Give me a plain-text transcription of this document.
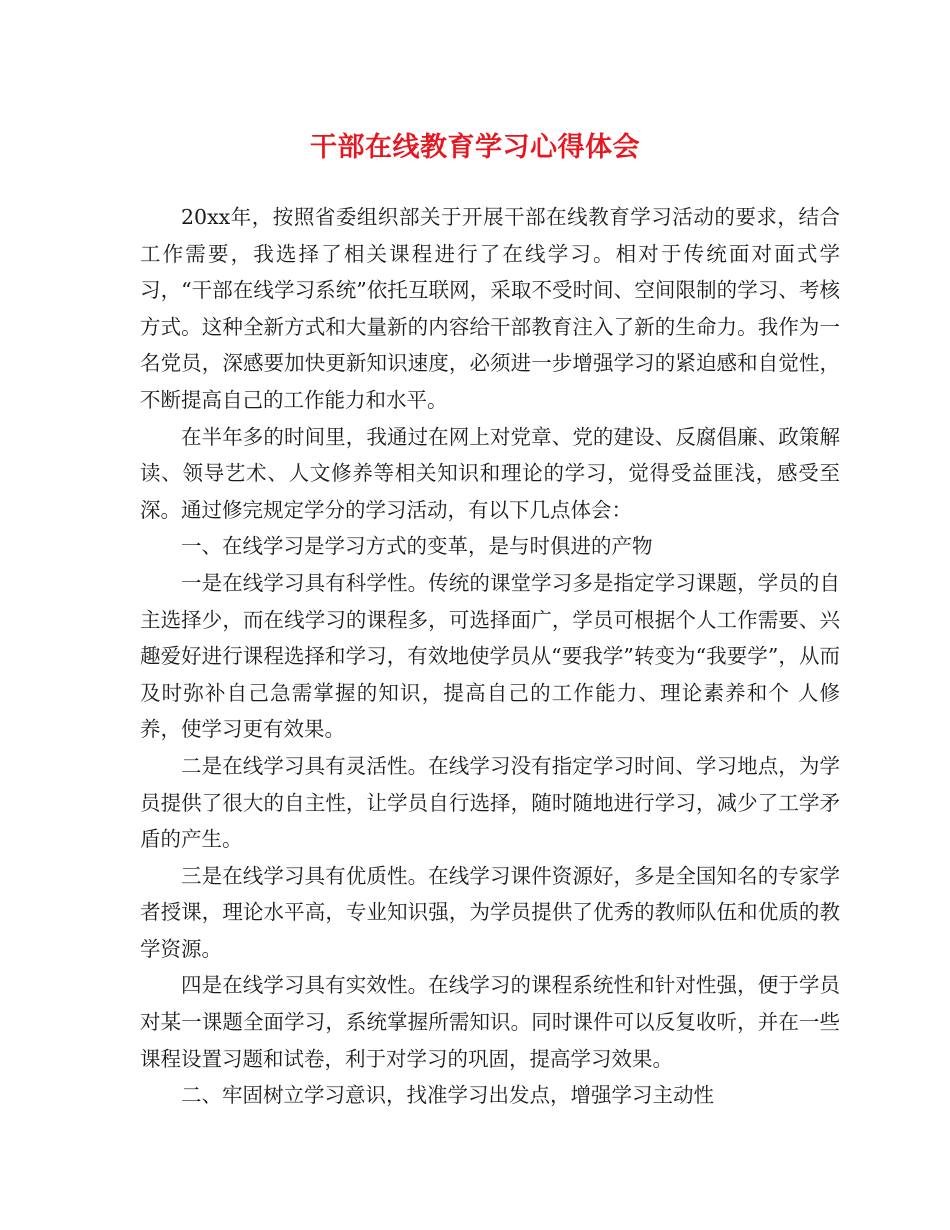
干部在线教育学习心得体会

20xx年，按照省委组织部关于开展干部在线教育学习活动的要求，结合工作需要，我选择了相关课程进行了在线学习。相对于传统面对面式学习，“干部在线学习系统”依托互联网，采取不受时间、空间限制的学习、考核方式。这种全新方式和大量新的内容给干部教育注入了新的生命力。我作为一名党员，深感要加快更新知识速度，必须进一步增强学习的紧迫感和自觉性，不断提高自己的工作能力和水平。

在半年多的时间里，我通过在网上对党章、党的建设、反腐倡廉、政策解读、领导艺术、人文修养等相关知识和理论的学习，觉得受益匪浅，感受至深。通过修完规定学分的学习活动，有以下几点体会：

一、在线学习是学习方式的变革，是与时俱进的产物

一是在线学习具有科学性。传统的课堂学习多是指定学习课题，学员的自主选择少，而在线学习的课程多，可选择面广，学员可根据个人工作需要、兴趣爱好进行课程选择和学习，有效地使学员从“要我学”转变为“我要学”，从而及时弥补自己急需掌握的知识，提高自己的工作能力、理论素养和个 人修养，使学习更有效果。

二是在线学习具有灵活性。在线学习没有指定学习时间、学习地点，为学员提供了很大的自主性，让学员自行选择，随时随地进行学习，减少了工学矛盾的产生。

三是在线学习具有优质性。在线学习课件资源好，多是全国知名的专家学者授课，理论水平高，专业知识强，为学员提供了优秀的教师队伍和优质的教学资源。

四是在线学习具有实效性。在线学习的课程系统性和针对性强，便于学员对某一课题全面学习，系统掌握所需知识。同时课件可以反复收听，并在一些课程设置习题和试卷，利于对学习的巩固，提高学习效果。

二、牢固树立学习意识，找准学习出发点，增强学习主动性
